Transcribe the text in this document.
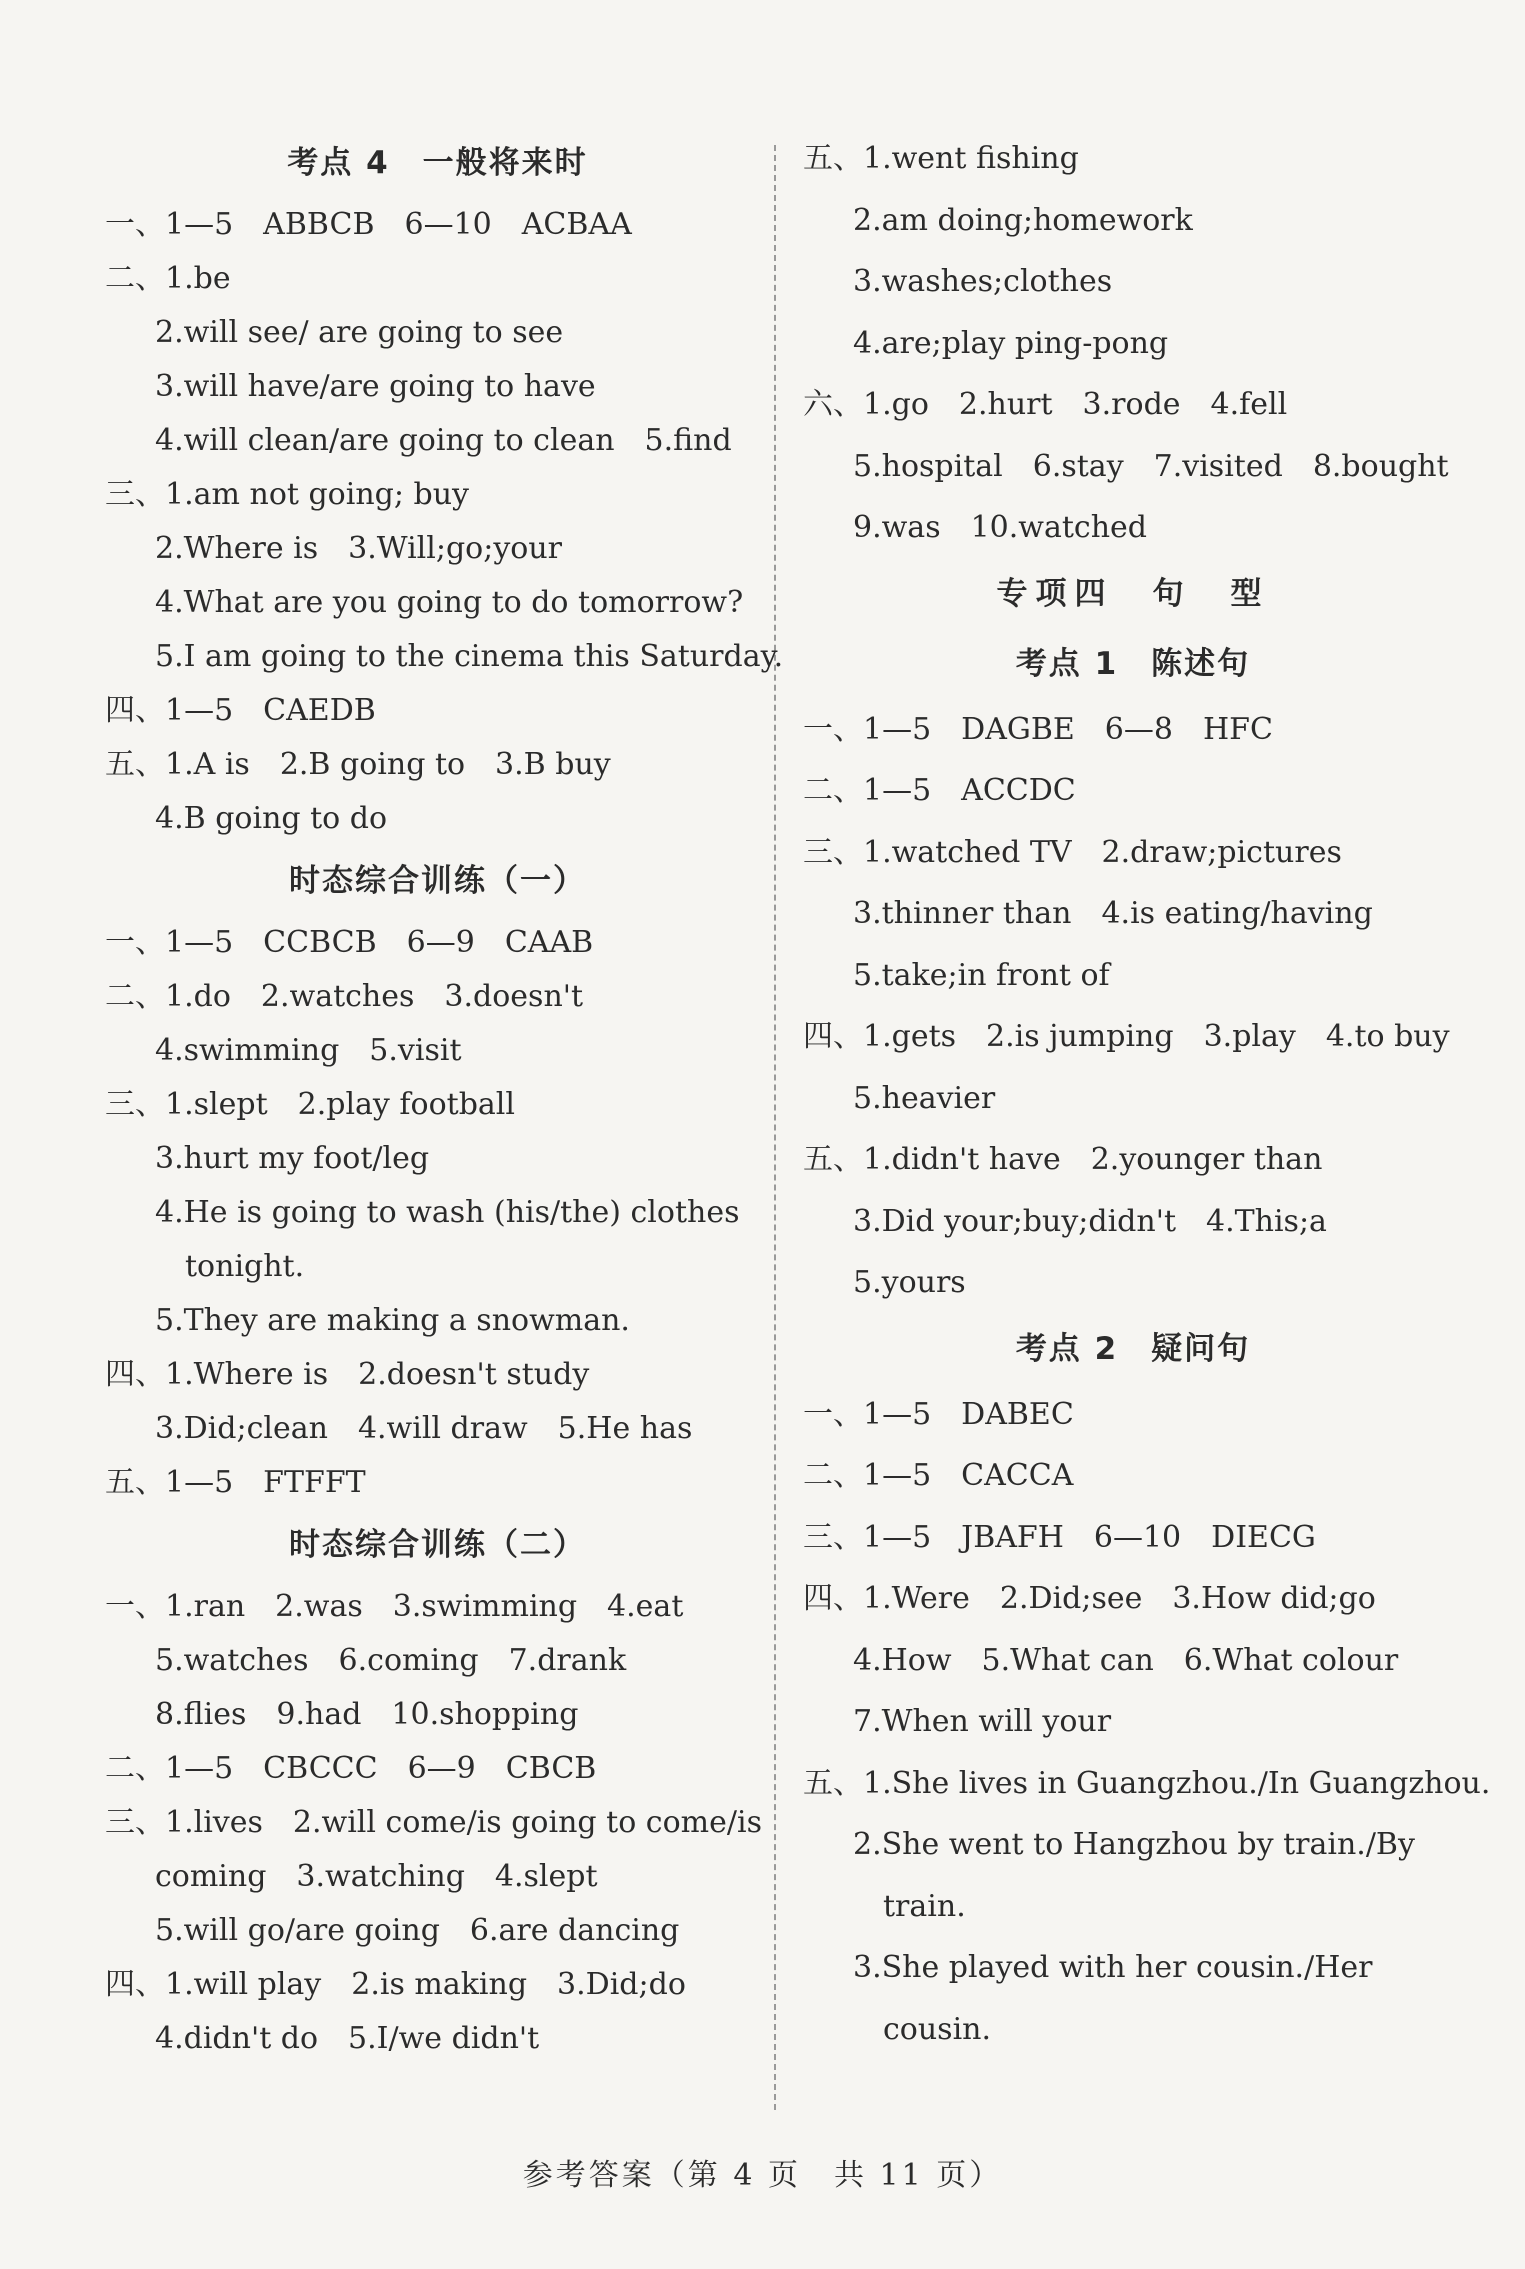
考点 4　一般将来时

一、1—5　ABBCB　6—10　ACBAA

二、1.be

2.will see/ are going to see

3.will have/are going to have

4.will clean/are going to clean　5.find

三、1.am not going; buy

2.Where is　3.Will;go;your

4.What are you going to do tomorrow?

5.I am going to the cinema this Saturday.

四、1—5　CAEDB

五、1.A is　2.B going to　3.B buy

4.B going to do

时态综合训练（一）

一、1—5　CCBCB　6—9　CAAB

二、1.do　2.watches　3.doesn't

4.swimming　5.visit

三、1.slept　2.play football

3.hurt my foot/leg

4.He is going to wash (his/the) clothes

tonight.

5.They are making a snowman.

四、1.Where is　2.doesn't study

3.Did;clean　4.will draw　5.He has

五、1—5　FTFFT

时态综合训练（二）

一、1.ran　2.was　3.swimming　4.eat

5.watches　6.coming　7.drank

8.flies　9.had　10.shopping

二、1—5　CBCCC　6—9　CBCB

三、1.lives　2.will come/is going to come/is

coming　3.watching　4.slept

5.will go/are going　6.are dancing

四、1.will play　2.is making　3.Did;do

4.didn't do　5.I/we didn't

五、1.went fishing

2.am doing;homework

3.washes;clothes

4.are;play ping-pong

六、1.go　2.hurt　3.rode　4.fell

5.hospital　6.stay　7.visited　8.bought

9.was　10.watched

专项四　句　型

考点 1　陈述句

一、1—5　DAGBE　6—8　HFC

二、1—5　ACCDC

三、1.watched TV　2.draw;pictures

3.thinner than　4.is eating/having

5.take;in front of

四、1.gets　2.is jumping　3.play　4.to buy

5.heavier

五、1.didn't have　2.younger than

3.Did your;buy;didn't　4.This;a

5.yours

考点 2　疑问句

一、1—5　DABEC

二、1—5　CACCA

三、1—5　JBAFH　6—10　DIECG

四、1.Were　2.Did;see　3.How did;go

4.How　5.What can　6.What colour

7.When will your

五、1.She lives in Guangzhou./In Guangzhou.

2.She went to Hangzhou by train./By

train.

3.She played with her cousin./Her

cousin.

参考答案（第 4 页　共 11 页）
